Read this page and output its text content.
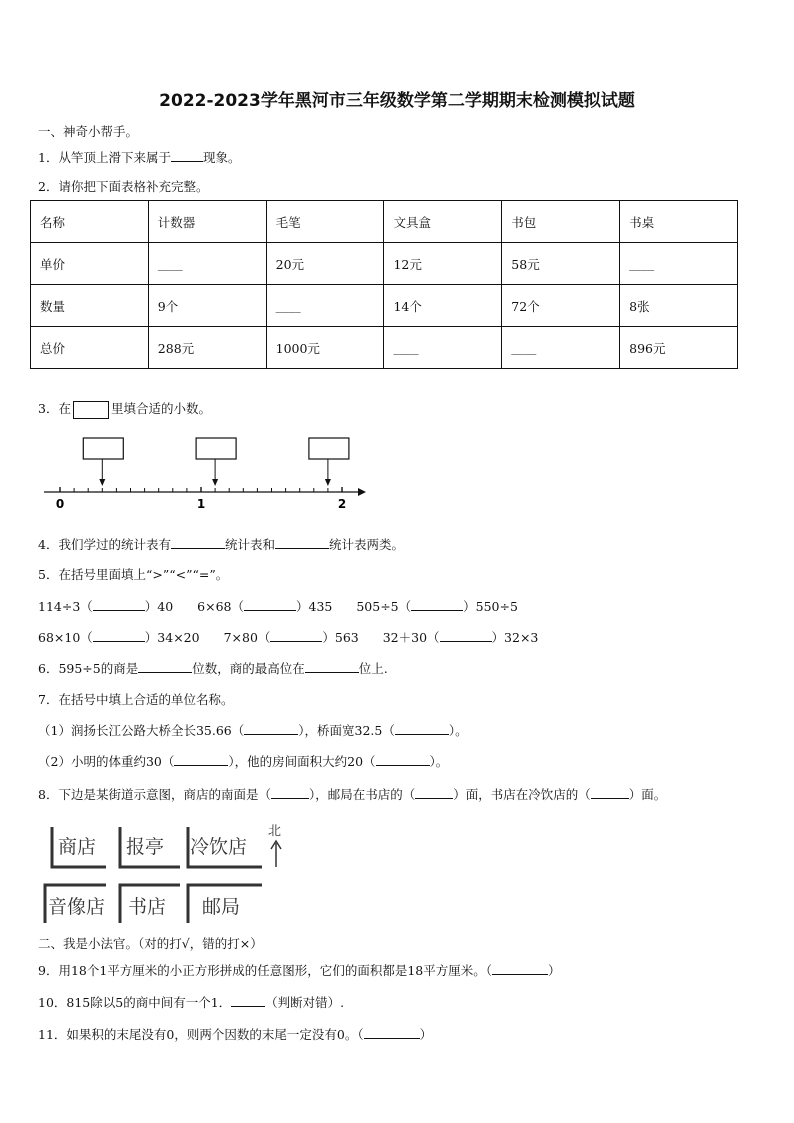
2022-2023学年黑河市三年级数学第二学期期末检测模拟试题
一、神奇小帮手。
1．从竿顶上滑下来属于	现象。
2．请你把下面表格补充完整。
名称	计数器	毛笔	文具盒	书包	书桌
单价	____	20元	12元	58元	____
数量	9个	____	14个	72个	8张
总价	288元	1000元	____	____	896元
3．在	里填合适的小数。
0	1	2
4．我们学过的统计表有	统计表和	统计表两类。
5．在括号里面填上“>”“<”“=”。
114÷3（	）40 6×68（	）435 505÷5（	）550÷5
68×10（	）34×20 7×80（	）563 32＋30（	）32×3
6．595÷5的商是	位数，商的最高位在	位上.
7．在括号中填上合适的单位名称。
（1）润扬长江公路大桥全长35.66（	），桥面宽32.5（	）。
（2）小明的体重约30（	），他的房间面积大约20（	）。
8．下边是某街道示意图，商店的南面是（	），邮局在书店的（	）面，书店在冷饮店的（	）面。
商店 报亭 冷饮店
音像店 书店 邮局
北
二、我是小法官。（对的打√，错的打×）
9．用18个1平方厘米的小正方形拼成的任意图形，它们的面积都是18平方厘米。（	）
10．815除以5的商中间有一个1．	（判断对错）.
11．如果积的末尾没有0，则两个因数的末尾一定没有0。（	）
